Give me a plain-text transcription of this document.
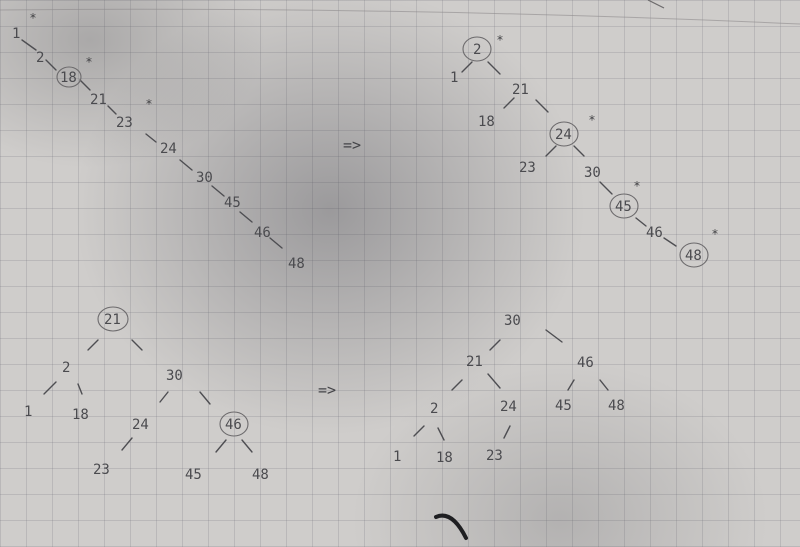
1
2
18
21
23
24
30
45
46
48
*
*
*
=>
2
1
21
18
24
23	30
45
46
48
*
*
*
*
21
2
1	18
30
24
23
46
45	48
=>
30
21	46
2	24	45	48
1 18 23
